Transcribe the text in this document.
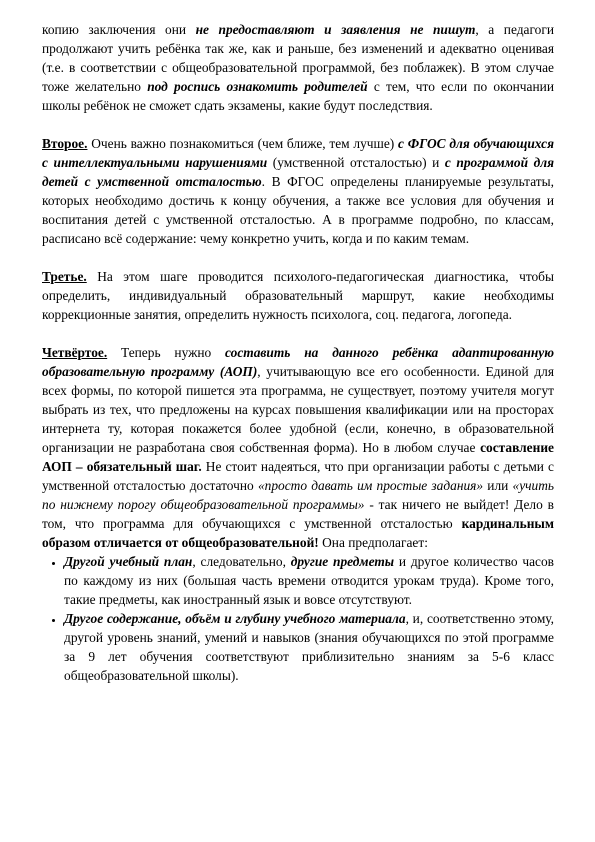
копию заключения они не предоставляют и заявления не пишут, а педагоги продолжают учить ребёнка так же, как и раньше, без изменений и адекватно оценивая (т.е. в соответствии с общеобразовательной программой, без поблажек). В этом случае тоже желательно под роспись ознакомить родителей с тем, что если по окончании школы ребёнок не сможет сдать экзамены, какие будут последствия.

Второе. Очень важно познакомиться (чем ближе, тем лучше) с ФГОС для обучающихся с интеллектуальными нарушениями (умственной отсталостью) и с программой для детей с умственной отсталостью. В ФГОС определены планируемые результаты, которых необходимо достичь к концу обучения, а также все условия для обучения и воспитания детей с умственной отсталостью. А в программе подробно, по классам, расписано всё содержание: чему конкретно учить, когда и по каким темам.

Третье. На этом шаге проводится психолого-педагогическая диагностика, чтобы определить, индивидуальный образовательный маршрут, какие необходимы коррекционные занятия, определить нужность психолога, соц. педагога, логопеда.

Четвёртое. Теперь нужно составить на данного ребёнка адаптированную образовательную программу (АОП), учитывающую все его особенности. Единой для всех формы, по которой пишется эта программа, не существует, поэтому учителя могут выбрать из тех, что предложены на курсах повышения квалификации или на просторах интернета ту, которая покажется более удобной (если, конечно, в образовательной организации не разработана своя собственная форма). Но в любом случае составление АОП – обязательный шаг. Не стоит надеяться, что при организации работы с детьми с умственной отсталостью достаточно «просто давать им простые задания» или «учить по нижнему порогу общеобразовательной программы» - так ничего не выйдет! Дело в том, что программа для обучающихся с умственной отсталостью кардинальным образом отличается от общеобразовательной! Она предполагает:

• Другой учебный план, следовательно, другие предметы и другое количество часов по каждому из них (большая часть времени отводится урокам труда). Кроме того, такие предметы, как иностранный язык и вовсе отсутствуют.
• Другое содержание, объём и глубину учебного материала, и, соответственно этому, другой уровень знаний, умений и навыков (знания обучающихся по этой программе за 9 лет обучения соответствуют приблизительно знаниям за 5-6 класс общеобразовательной школы).
